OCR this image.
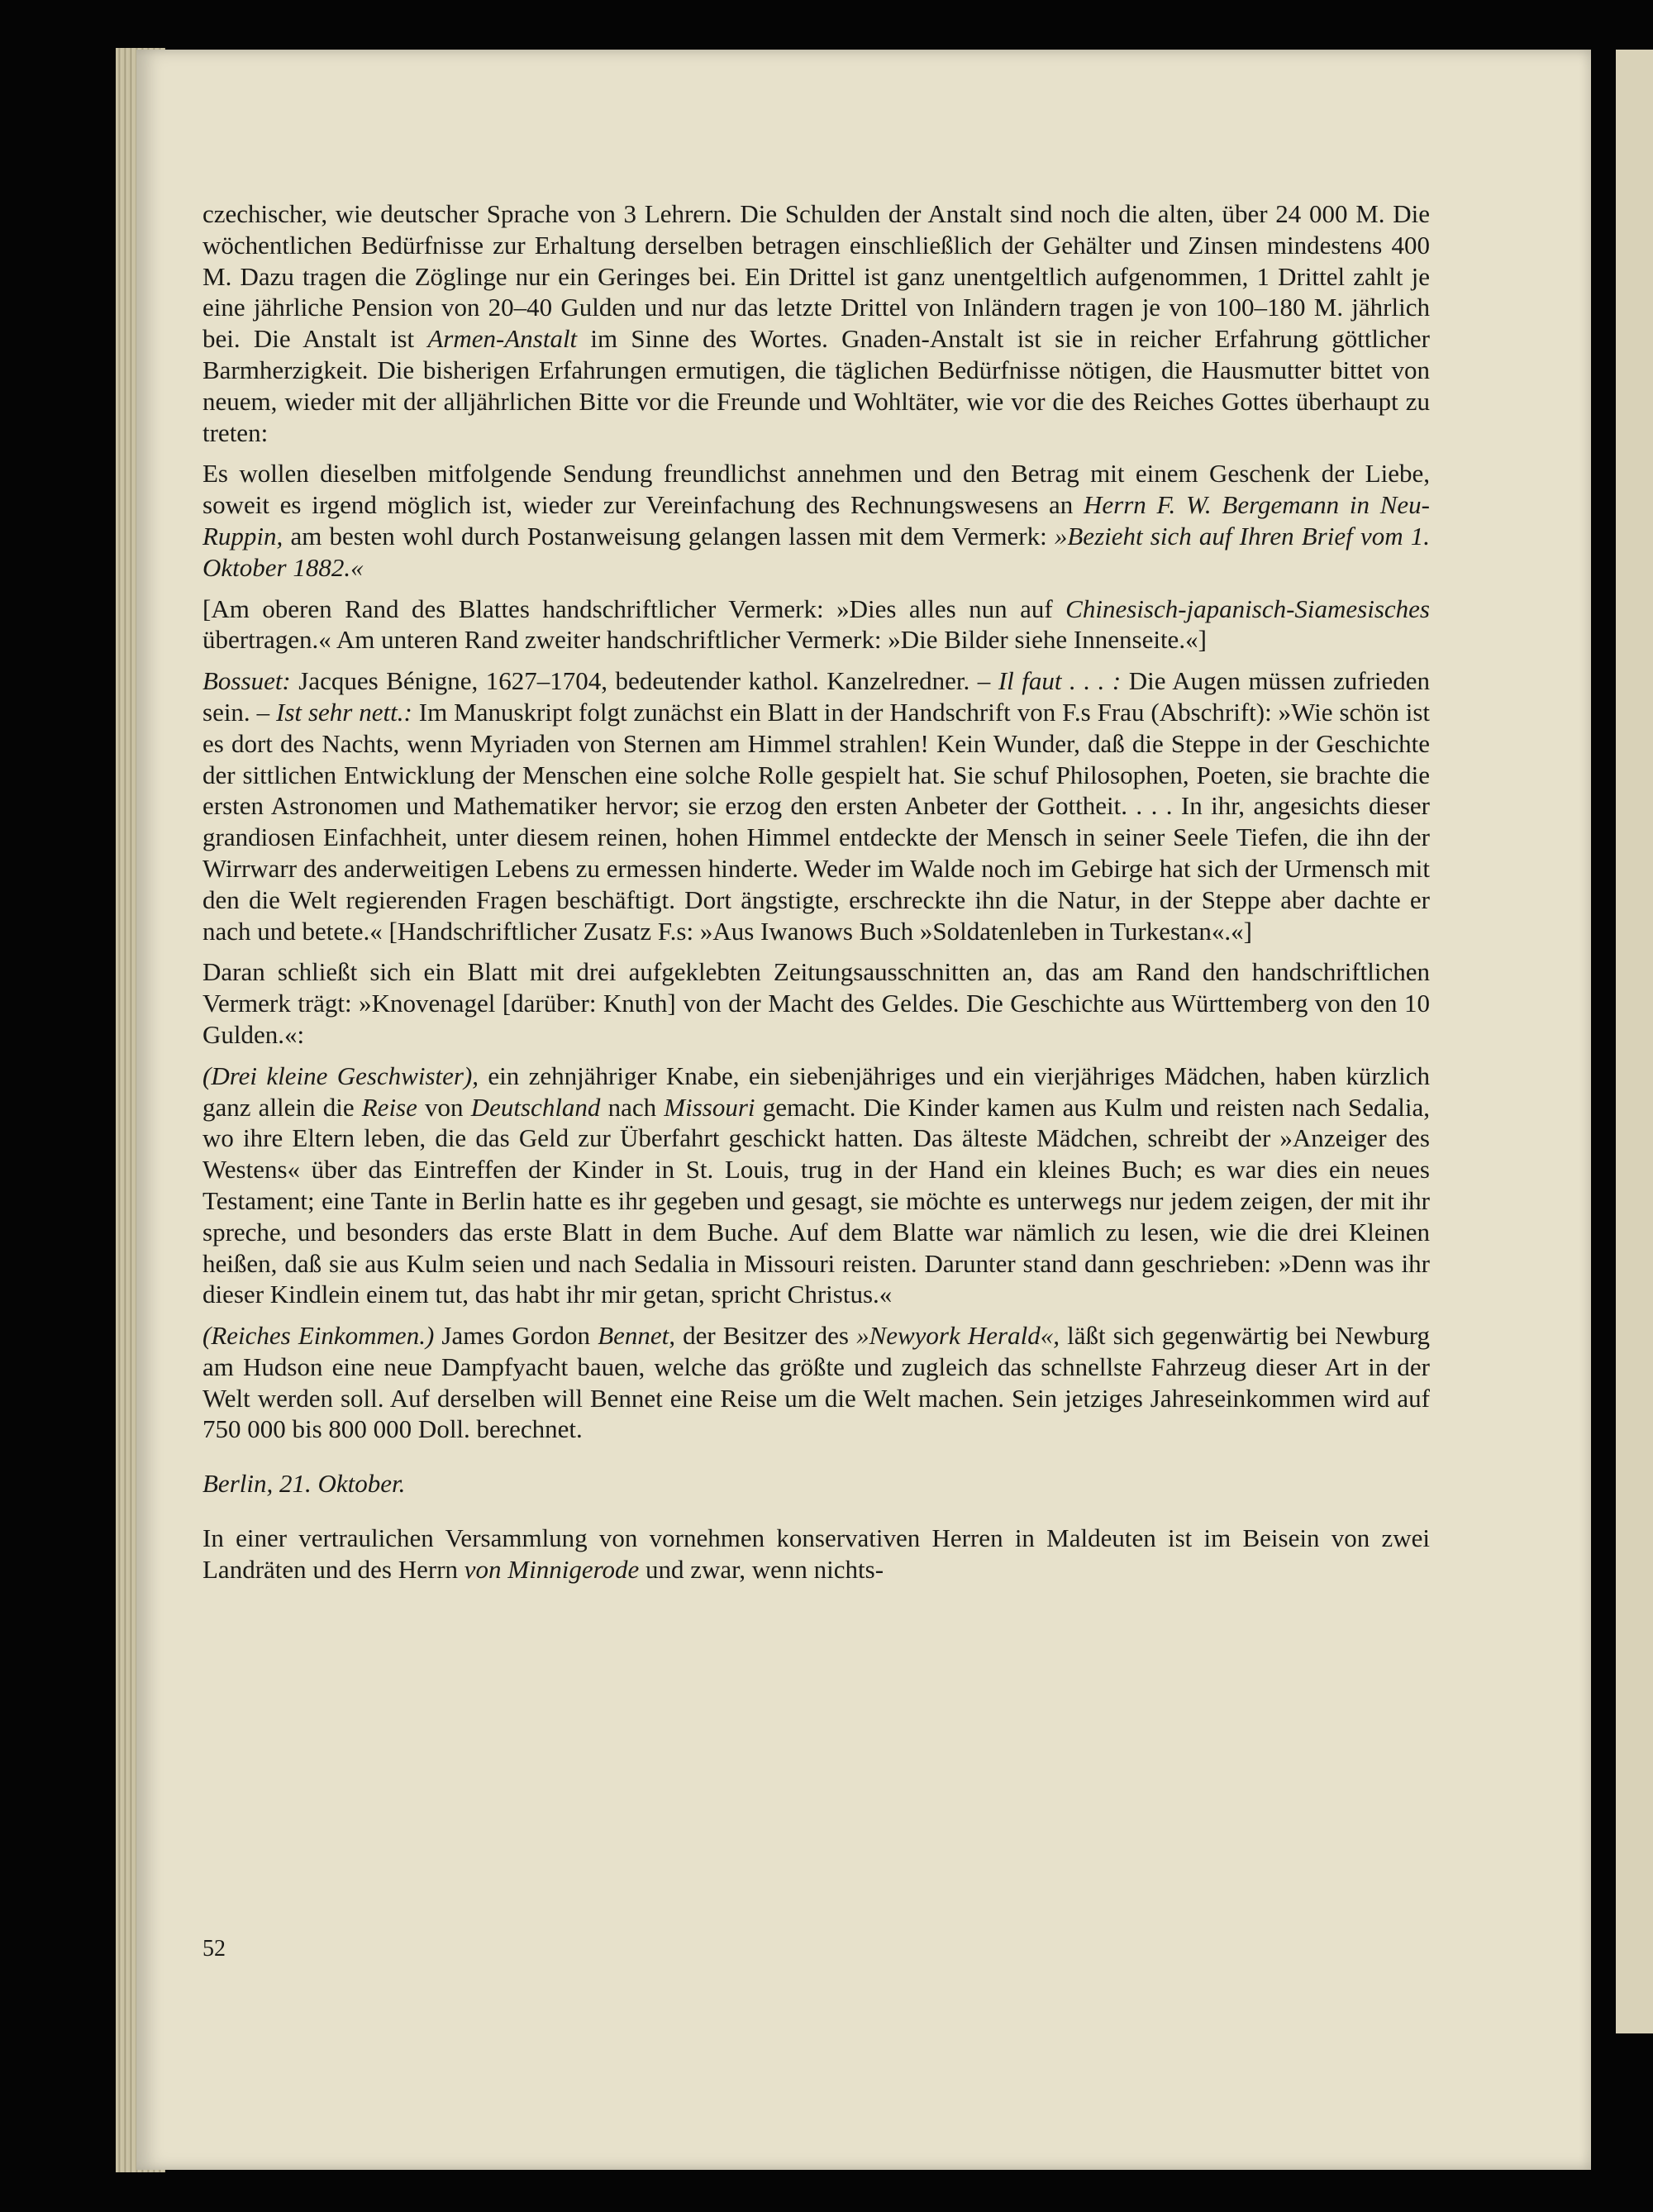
czechischer, wie deutscher Sprache von 3 Lehrern. Die Schulden der Anstalt sind noch die alten, über 24 000 M. Die wöchentlichen Bedürfnisse zur Erhaltung derselben betragen einschließlich der Gehälter und Zinsen mindestens 400 M. Dazu tragen die Zöglinge nur ein Geringes bei. Ein Drittel ist ganz unentgeltlich aufgenommen, 1 Drittel zahlt je eine jährliche Pension von 20–40 Gulden und nur das letzte Drittel von Inländern tragen je von 100–180 M. jährlich bei. Die Anstalt ist Armen-Anstalt im Sinne des Wortes. Gnaden-Anstalt ist sie in reicher Erfahrung göttlicher Barmherzigkeit. Die bisherigen Erfahrungen ermutigen, die täglichen Bedürfnisse nötigen, die Hausmutter bittet von neuem, wieder mit der alljährlichen Bitte vor die Freunde und Wohltäter, wie vor die des Reiches Gottes überhaupt zu treten:

Es wollen dieselben mitfolgende Sendung freundlichst annehmen und den Betrag mit einem Geschenk der Liebe, soweit es irgend möglich ist, wieder zur Vereinfachung des Rechnungswesens an Herrn F. W. Bergemann in Neu-Ruppin, am besten wohl durch Postanweisung gelangen lassen mit dem Vermerk: »Bezieht sich auf Ihren Brief vom 1. Oktober 1882.«

[Am oberen Rand des Blattes handschriftlicher Vermerk: »Dies alles nun auf Chinesisch-japanisch-Siamesisches übertragen.« Am unteren Rand zweiter handschriftlicher Vermerk: »Die Bilder siehe Innenseite.«]

Bossuet: Jacques Bénigne, 1627–1704, bedeutender kathol. Kanzelredner. – Il faut . . . : Die Augen müssen zufrieden sein. – Ist sehr nett.: Im Manuskript folgt zunächst ein Blatt in der Handschrift von F.s Frau (Abschrift): »Wie schön ist es dort des Nachts, wenn Myriaden von Sternen am Himmel strahlen! Kein Wunder, daß die Steppe in der Geschichte der sittlichen Entwicklung der Menschen eine solche Rolle gespielt hat. Sie schuf Philosophen, Poeten, sie brachte die ersten Astronomen und Mathematiker hervor; sie erzog den ersten Anbeter der Gottheit. . . . In ihr, angesichts dieser grandiosen Einfachheit, unter diesem reinen, hohen Himmel entdeckte der Mensch in seiner Seele Tiefen, die ihn der Wirrwarr des anderweitigen Lebens zu ermessen hinderte. Weder im Walde noch im Gebirge hat sich der Urmensch mit den die Welt regierenden Fragen beschäftigt. Dort ängstigte, erschreckte ihn die Natur, in der Steppe aber dachte er nach und betete.« [Handschriftlicher Zusatz F.s: »Aus Iwanows Buch »Soldatenleben in Turkestan«.«]

Daran schließt sich ein Blatt mit drei aufgeklebten Zeitungsausschnitten an, das am Rand den handschriftlichen Vermerk trägt: »Knovenagel [darüber: Knuth] von der Macht des Geldes. Die Geschichte aus Württemberg von den 10 Gulden.«:

(Drei kleine Geschwister), ein zehnjähriger Knabe, ein siebenjähriges und ein vierjähriges Mädchen, haben kürzlich ganz allein die Reise von Deutschland nach Missouri gemacht. Die Kinder kamen aus Kulm und reisten nach Sedalia, wo ihre Eltern leben, die das Geld zur Überfahrt geschickt hatten. Das älteste Mädchen, schreibt der »Anzeiger des Westens« über das Eintreffen der Kinder in St. Louis, trug in der Hand ein kleines Buch; es war dies ein neues Testament; eine Tante in Berlin hatte es ihr gegeben und gesagt, sie möchte es unterwegs nur jedem zeigen, der mit ihr spreche, und besonders das erste Blatt in dem Buche. Auf dem Blatte war nämlich zu lesen, wie die drei Kleinen heißen, daß sie aus Kulm seien und nach Sedalia in Missouri reisten. Darunter stand dann geschrieben: »Denn was ihr dieser Kindlein einem tut, das habt ihr mir getan, spricht Christus.«

(Reiches Einkommen.) James Gordon Bennet, der Besitzer des »Newyork Herald«, läßt sich gegenwärtig bei Newburg am Hudson eine neue Dampfyacht bauen, welche das größte und zugleich das schnellste Fahrzeug dieser Art in der Welt werden soll. Auf derselben will Bennet eine Reise um die Welt machen. Sein jetziges Jahreseinkommen wird auf 750 000 bis 800 000 Doll. berechnet.

Berlin, 21. Oktober.

In einer vertraulichen Versammlung von vornehmen konservativen Herren in Maldeuten ist im Beisein von zwei Landräten und des Herrn von Minnigerode und zwar, wenn nichts-

52
